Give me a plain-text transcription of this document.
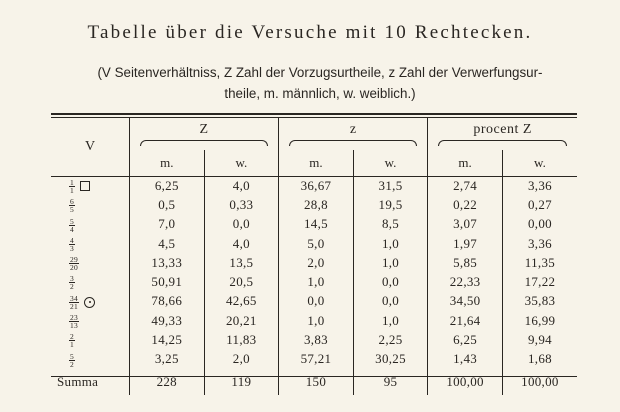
Tabelle über die Versuche mit 10 Rechtecken.
(V Seitenverhältniss, Z Zahl der Vorzugsurtheile, z Zahl der Verwerfungsur-
theile, m. männlich, w. weiblich.)
V	Z		z		procent Z	

	m.	w.	m.	w.	m.	w.

$\frac{1}{1}$	6,25	4,0	36,67	31,5	2,74	3,36

$\frac{6}{5}$	0,5	0,33	28,8	19,5	0,22	0,27

$\frac{5}{4}$	7,0	0,0	14,5	8,5	3,07	0,00

$\frac{4}{3}$	4,5	4,0	5,0	1,0	1,97	3,36

$\frac{29}{20}$	13,33	13,5	2,0	1,0	5,85	11,35

$\frac{3}{2}$	50,91	20,5	1,0	0,0	22,33	17,22

$\frac{34}{21}$	78,66	42,65	0,0	0,0	34,50	35,83

$\frac{23}{13}$	49,33	20,21	1,0	1,0	21,64	16,99

$\frac{2}{1}$	14,25	11,83	3,83	2,25	6,25	9,94

$\frac{5}{2}$	3,25	2,0	57,21	30,25	1,43	1,68
Summa	228	119	150	95	100,00	100,00
